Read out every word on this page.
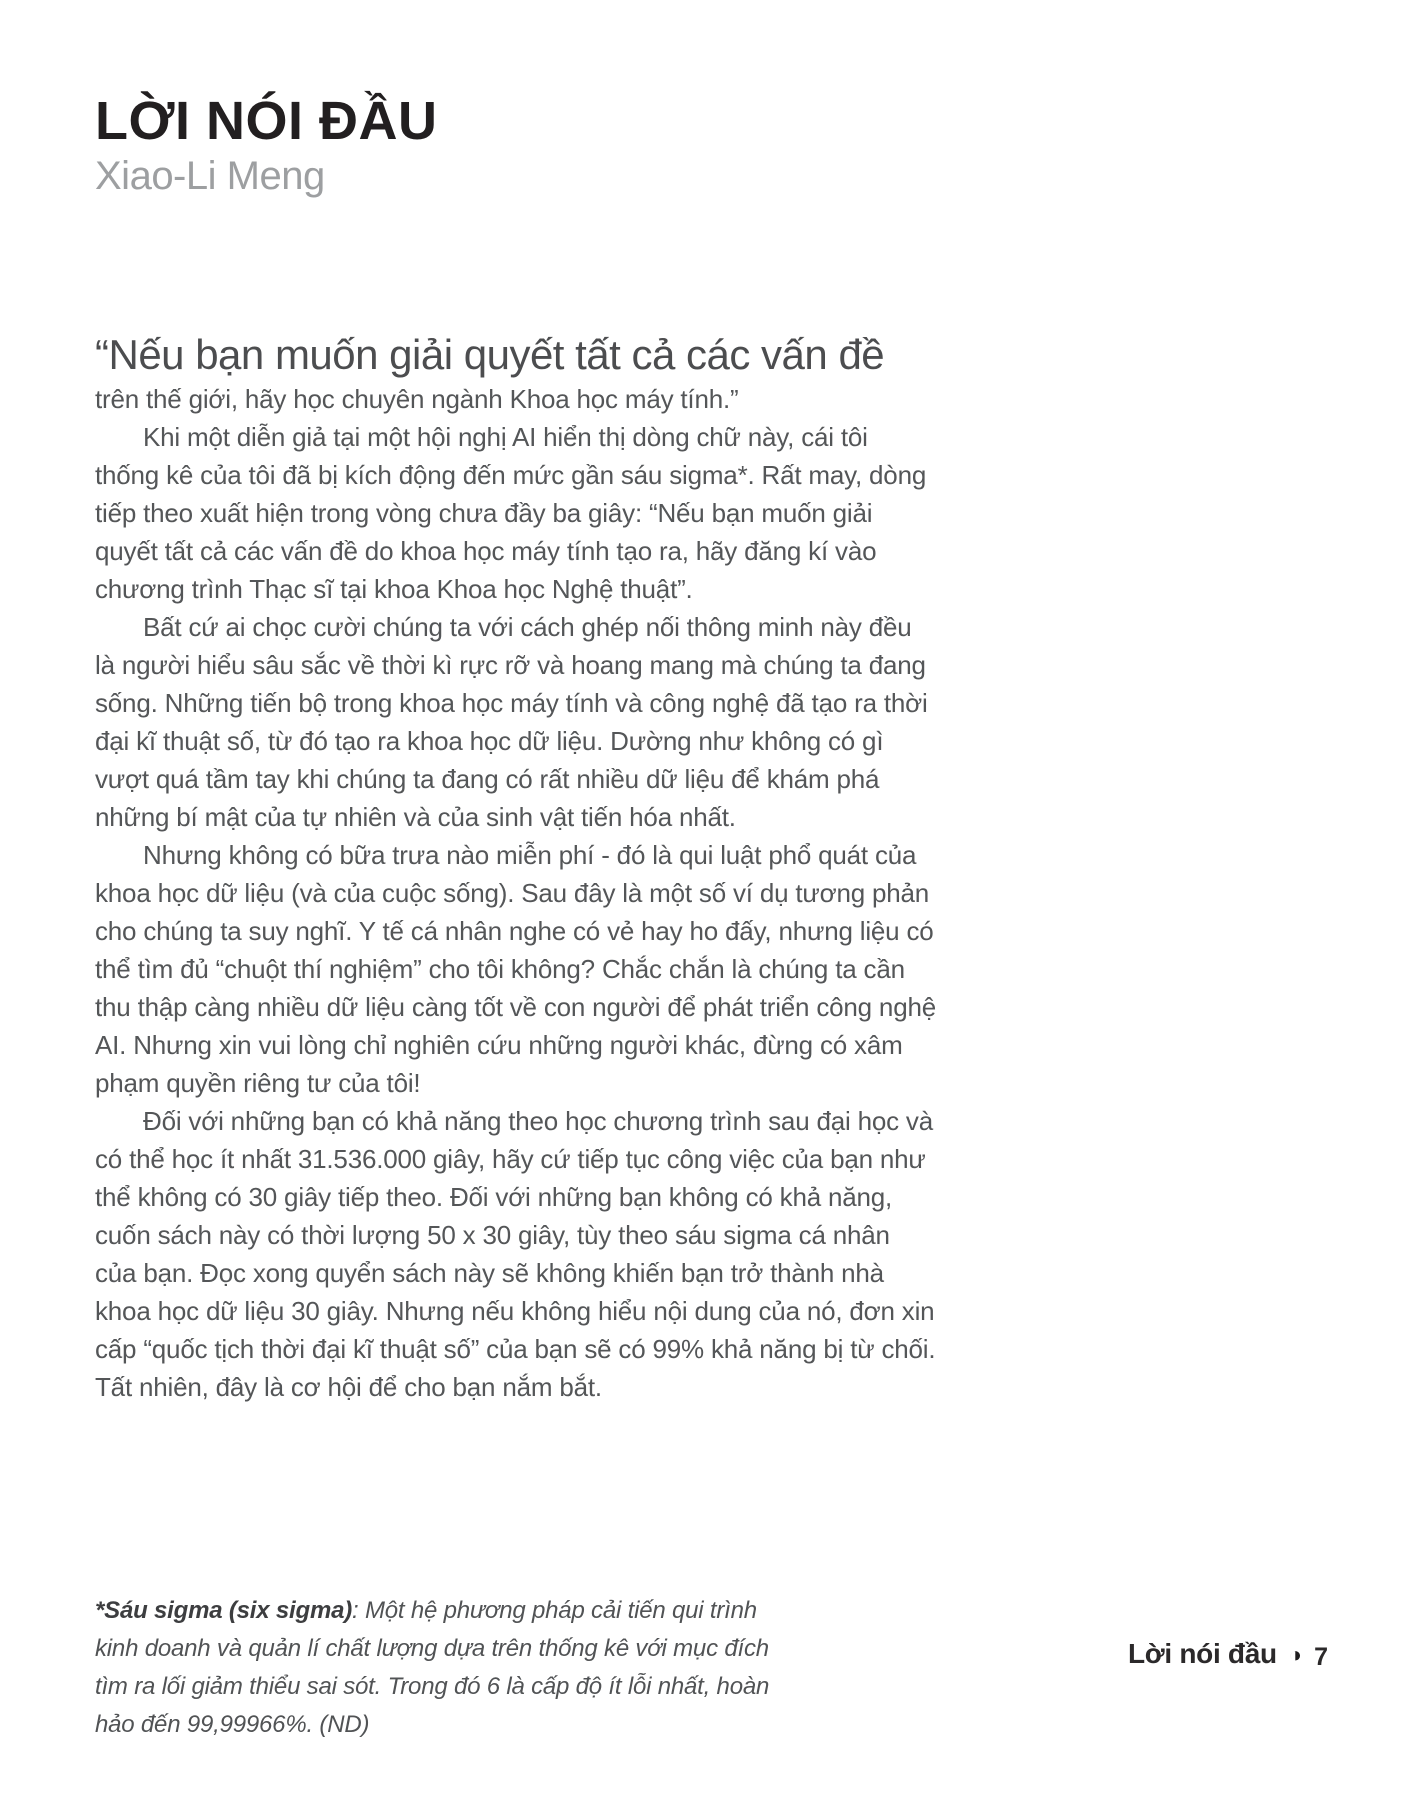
LỜI NÓI ĐẦU
Xiao-Li Meng

“Nếu bạn muốn giải quyết tất cả các vấn đề
trên thế giới, hãy học chuyên ngành Khoa học máy tính.”

Khi một diễn giả tại một hội nghị AI hiển thị dòng chữ này, cái tôi thống kê của tôi đã bị kích động đến mức gần sáu sigma*. Rất may, dòng tiếp theo xuất hiện trong vòng chưa đầy ba giây: “Nếu bạn muốn giải quyết tất cả các vấn đề do khoa học máy tính tạo ra, hãy đăng kí vào chương trình Thạc sĩ tại khoa Khoa học Nghệ thuật”.

Bất cứ ai chọc cười chúng ta với cách ghép nối thông minh này đều là người hiểu sâu sắc về thời kì rực rỡ và hoang mang mà chúng ta đang sống. Những tiến bộ trong khoa học máy tính và công nghệ đã tạo ra thời đại kĩ thuật số, từ đó tạo ra khoa học dữ liệu. Dường như không có gì vượt quá tầm tay khi chúng ta đang có rất nhiều dữ liệu để khám phá những bí mật của tự nhiên và của sinh vật tiến hóa nhất.

Nhưng không có bữa trưa nào miễn phí - đó là qui luật phổ quát của khoa học dữ liệu (và của cuộc sống). Sau đây là một số ví dụ tương phản cho chúng ta suy nghĩ. Y tế cá nhân nghe có vẻ hay ho đấy, nhưng liệu có thể tìm đủ “chuột thí nghiệm” cho tôi không? Chắc chắn là chúng ta cần thu thập càng nhiều dữ liệu càng tốt về con người để phát triển công nghệ AI. Nhưng xin vui lòng chỉ nghiên cứu những người khác, đừng có xâm phạm quyền riêng tư của tôi!

Đối với những bạn có khả năng theo học chương trình sau đại học và có thể học ít nhất 31.536.000 giây, hãy cứ tiếp tục công việc của bạn như thể không có 30 giây tiếp theo. Đối với những bạn không có khả năng, cuốn sách này có thời lượng 50 x 30 giây, tùy theo sáu sigma cá nhân của bạn. Đọc xong quyển sách này sẽ không khiến bạn trở thành nhà khoa học dữ liệu 30 giây. Nhưng nếu không hiểu nội dung của nó, đơn xin cấp “quốc tịch thời đại kĩ thuật số” của bạn sẽ có 99% khả năng bị từ chối. Tất nhiên, đây là cơ hội để cho bạn nắm bắt.

*Sáu sigma (six sigma): Một hệ phương pháp cải tiến qui trình kinh doanh và quản lí chất lượng dựa trên thống kê với mục đích tìm ra lối giảm thiểu sai sót. Trong đó 6 là cấp độ ít lỗi nhất, hoàn hảo đến 99,99966%. (ND)
Lời nói đầu ◑ 7
